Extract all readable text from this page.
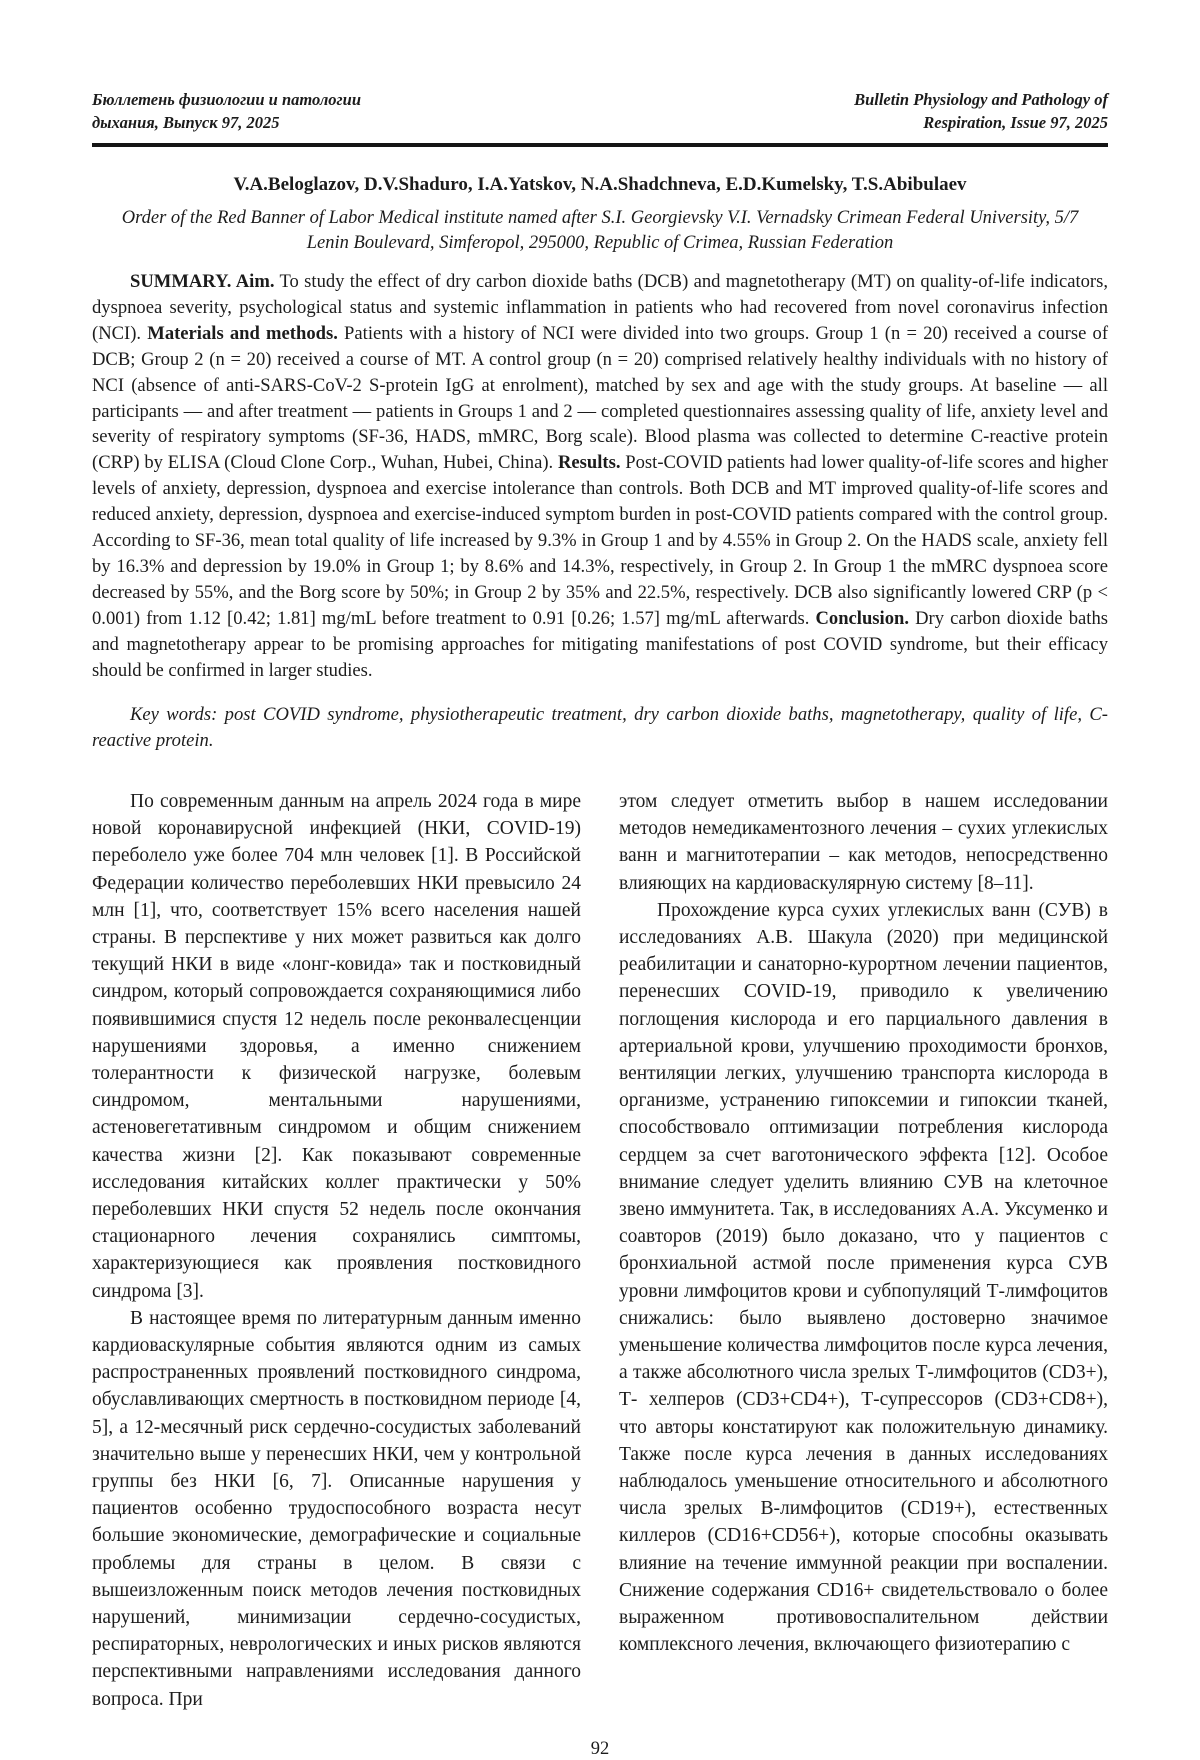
Бюллетень физиологии и патологии
дыхания, Выпуск 97, 2025
Bulletin Physiology and Pathology of
Respiration, Issue 97, 2025
V.A.Beloglazov, D.V.Shaduro, I.A.Yatskov, N.A.Shadchneva, E.D.Kumelsky, T.S.Abibulaev
Order of the Red Banner of Labor Medical institute named after S.I. Georgievsky V.I. Vernadsky Crimean Federal University, 5/7 Lenin Boulevard, Simferopol, 295000, Republic of Crimea, Russian Federation

SUMMARY. Aim. To study the effect of dry carbon dioxide baths (DCB) and magnetotherapy (MT) on quality-of-life indicators, dyspnoea severity, psychological status and systemic inflammation in patients who had recovered from novel coronavirus infection (NCI). Materials and methods. Patients with a history of NCI were divided into two groups. Group 1 (n = 20) received a course of DCB; Group 2 (n = 20) received a course of MT. A control group (n = 20) comprised relatively healthy individuals with no history of NCI (absence of anti-SARS-CoV-2 S-protein IgG at enrolment), matched by sex and age with the study groups. At baseline — all participants — and after treatment — patients in Groups 1 and 2 — completed questionnaires assessing quality of life, anxiety level and severity of respiratory symptoms (SF-36, HADS, mMRC, Borg scale). Blood plasma was collected to determine C-reactive protein (CRP) by ELISA (Cloud Clone Corp., Wuhan, Hubei, China). Results. Post-COVID patients had lower quality-of-life scores and higher levels of anxiety, depression, dyspnoea and exercise intolerance than controls. Both DCB and MT improved quality-of-life scores and reduced anxiety, depression, dyspnoea and exercise-induced symptom burden in post-COVID patients compared with the control group. According to SF-36, mean total quality of life increased by 9.3% in Group 1 and by 4.55% in Group 2. On the HADS scale, anxiety fell by 16.3% and depression by 19.0% in Group 1; by 8.6% and 14.3%, respectively, in Group 2. In Group 1 the mMRC dyspnoea score decreased by 55%, and the Borg score by 50%; in Group 2 by 35% and 22.5%, respectively. DCB also significantly lowered CRP (p < 0.001) from 1.12 [0.42; 1.81] mg/mL before treatment to 0.91 [0.26; 1.57] mg/mL afterwards. Conclusion. Dry carbon dioxide baths and magnetotherapy appear to be promising approaches for mitigating manifestations of post COVID syndrome, but their efficacy should be confirmed in larger studies.

Key words: post COVID syndrome, physiotherapeutic treatment, dry carbon dioxide baths, magnetotherapy, quality of life, C-reactive protein.

По современным данным на апрель 2024 года в мире новой коронавирусной инфекцией (НКИ, COVID-19) переболело уже более 704 млн человек [1]. В Российской Федерации количество переболевших НКИ превысило 24 млн [1], что, соответствует 15% всего населения нашей страны. В перспективе у них может развиться как долго текущий НКИ в виде «лонг-ковида» так и постковидный синдром, который сопровождается сохраняющимися либо появившимися спустя 12 недель после реконвалесценции нарушениями здоровья, а именно снижением толерантности к физической нагрузке, болевым синдромом, ментальными нарушениями, астеновегетативным синдромом и общим снижением качества жизни [2]. Как показывают современные исследования китайских коллег практически у 50% переболевших НКИ спустя 52 недель после окончания стационарного лечения сохранялись симптомы, характеризующиеся как проявления постковидного синдрома [3].

В настоящее время по литературным данным именно кардиоваскулярные события являются одним из самых распространенных проявлений постковидного синдрома, обуславливающих смертность в постковидном периоде [4, 5], а 12-месячный риск сердечно-сосудистых заболеваний значительно выше у перенесших НКИ, чем у контрольной группы без НКИ [6, 7]. Описанные нарушения у пациентов особенно трудоспособного возраста несут большие экономические, демографические и социальные проблемы для страны в целом. В связи с вышеизложенным поиск методов лечения постковидных нарушений, минимизации сердечно-сосудистых, респираторных, неврологических и иных рисков являются перспективными направлениями исследования данного вопроса. При

этом следует отметить выбор в нашем исследовании методов немедикаментозного лечения – сухих углекислых ванн и магнитотерапии – как методов, непосредственно влияющих на кардиоваскулярную систему [8–11].

Прохождение курса сухих углекислых ванн (СУВ) в исследованиях А.В. Шакула (2020) при медицинской реабилитации и санаторно-курортном лечении пациентов, перенесших COVID-19, приводило к увеличению поглощения кислорода и его парциального давления в артериальной крови, улучшению проходимости бронхов, вентиляции легких, улучшению транспорта кислорода в организме, устранению гипоксемии и гипоксии тканей, способствовало оптимизации потребления кислорода сердцем за счет ваготонического эффекта [12]. Особое внимание следует уделить влиянию СУВ на клеточное звено иммунитета. Так, в исследованиях А.А. Уксуменко и соавторов (2019) было доказано, что у пациентов с бронхиальной астмой после применения курса СУВ уровни лимфоцитов крови и субпопуляций Т-лимфоцитов снижались: было выявлено достоверно значимое уменьшение количества лимфоцитов после курса лечения, а также абсолютного числа зрелых Т-лимфоцитов (CD3+), Т- хелперов (CD3+CD4+), Т-супрессоров (CD3+CD8+), что авторы констатируют как положительную динамику. Также после курса лечения в данных исследованиях наблюдалось уменьшение относительного и абсолютного числа зрелых В-лимфоцитов (CD19+), естественных киллеров (CD16+CD56+), которые способны оказывать влияние на течение иммунной реакции при воспалении. Снижение содержания CD16+ свидетельствовало о более выраженном противовоспалительном действии комплексного лечения, включающего физиотерапию с

92
